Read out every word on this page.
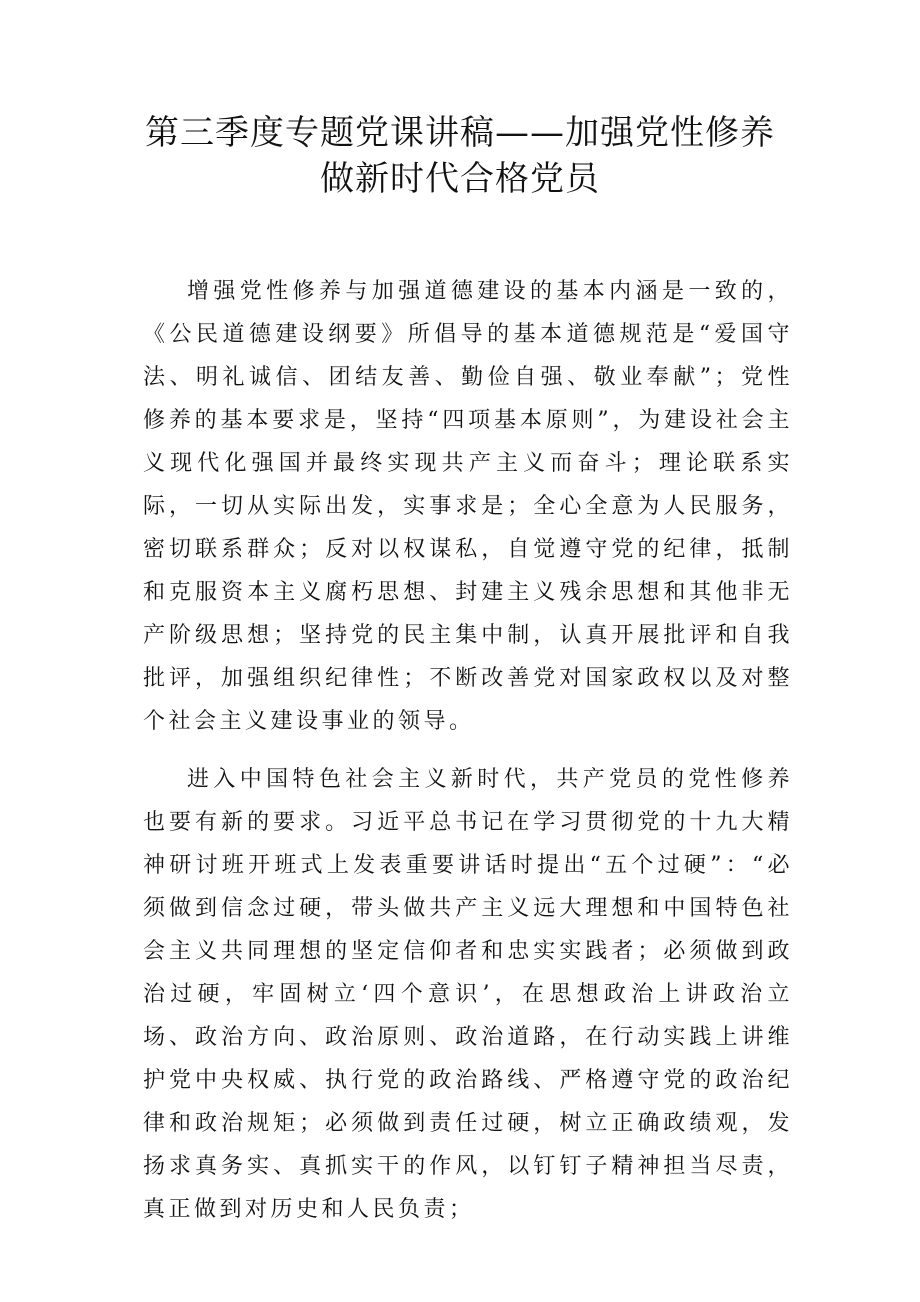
第三季度专题党课讲稿——加强党性修养
做新时代合格党员

增强党性修养与加强道德建设的基本内涵是一致的，《公民道德建设纲要》所倡导的基本道德规范是“爱国守法、明礼诚信、团结友善、勤俭自强、敬业奉献”；党性修养的基本要求是，坚持“四项基本原则”，为建设社会主义现代化强国并最终实现共产主义而奋斗；理论联系实际，一切从实际出发，实事求是；全心全意为人民服务，密切联系群众；反对以权谋私，自觉遵守党的纪律，抵制和克服资本主义腐朽思想、封建主义残余思想和其他非无产阶级思想；坚持党的民主集中制，认真开展批评和自我批评，加强组织纪律性；不断改善党对国家政权以及对整个社会主义建设事业的领导。

进入中国特色社会主义新时代，共产党员的党性修养也要有新的要求。习近平总书记在学习贯彻党的十九大精神研讨班开班式上发表重要讲话时提出“五个过硬”：“必须做到信念过硬，带头做共产主义远大理想和中国特色社会主义共同理想的坚定信仰者和忠实实践者；必须做到政治过硬，牢固树立‘四个意识’，在思想政治上讲政治立场、政治方向、政治原则、政治道路，在行动实践上讲维护党中央权威、执行党的政治路线、严格遵守党的政治纪律和政治规矩；必须做到责任过硬，树立正确政绩观，发扬求真务实、真抓实干的作风，以钉钉子精神担当尽责，真正做到对历史和人民负责；
